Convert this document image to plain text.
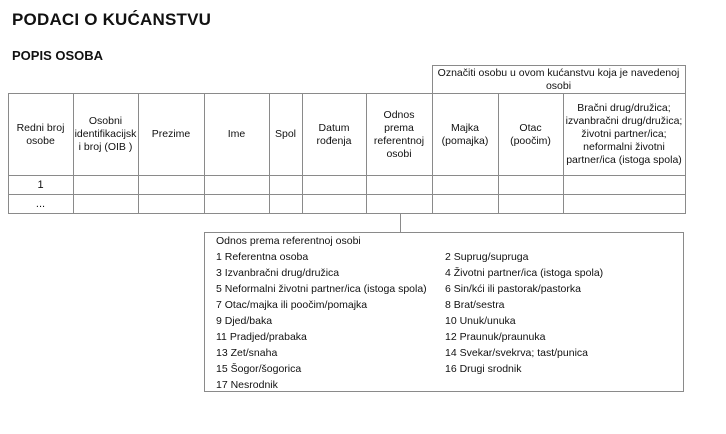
PODACI O KUĆANSTVU
POPIS OSOBA
Odnos prema referentnoj osobi
1 Referentna osoba
3 Izvanbračni drug/družica
5 Neformalni životni partner/ica (istoga spola)
7 Otac/majka ili poočim/pomajka
9 Djed/baka
11 Pradjed/prabaka
13 Zet/snaha
15 Šogor/šogorica
17 Nesrodnik
2 Suprug/supruga
4 Životni partner/ica (istoga spola)
6 Sin/kći ili pastorak/pastorka
8 Brat/sestra
10 Unuk/unuka
12 Praunuk/praunuka
14 Svekar/svekrva; tast/punica
16 Drugi srodnik
Označiti osobu u ovom kućanstvu koja je navedenoj osobi
Redni broj osobe
Osobni identifikacijsk i broj (OIB )
Prezime	Ime	Spol
Datum rođenja
Odnos prema referentnoj osobi
Majka (pomajka)
Otac (poočim)
Bračni drug/družica; izvanbračni drug/družica; životni partner/ica; neformalni životni partner/ica (istoga spola)
1
...
